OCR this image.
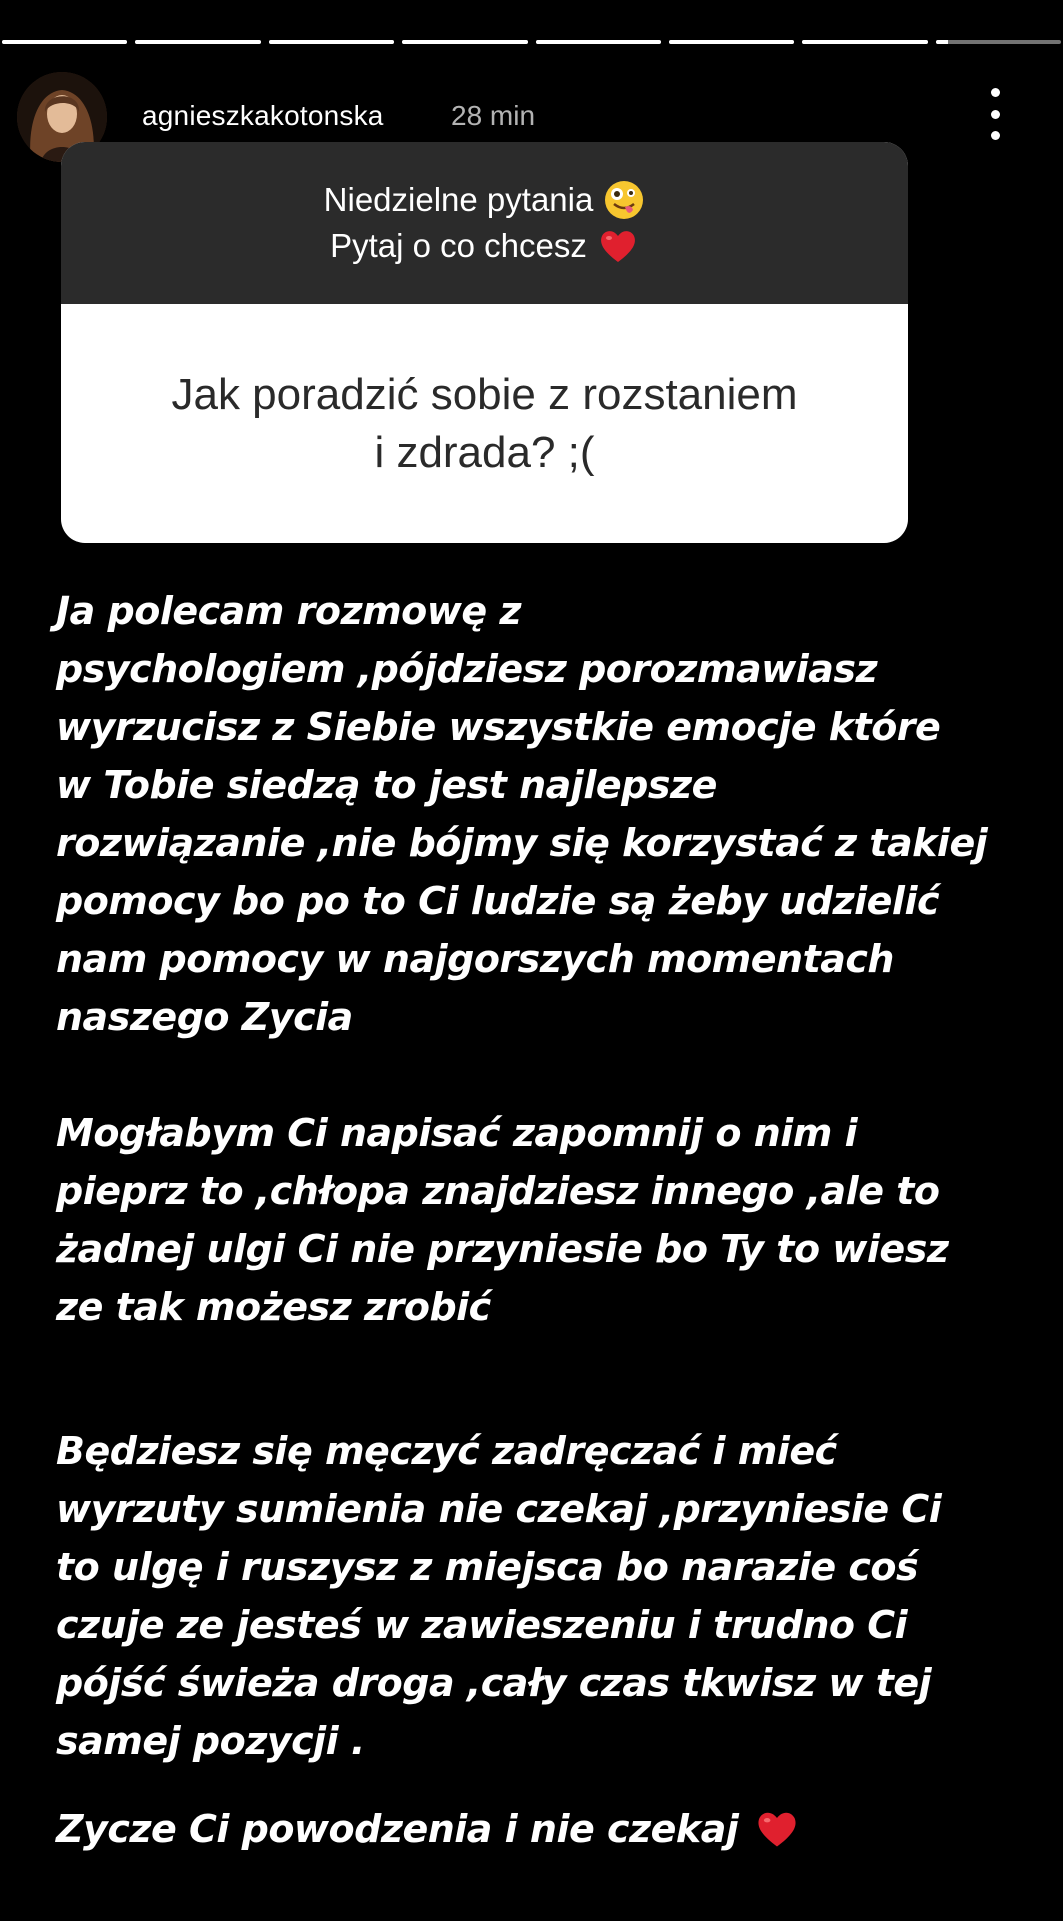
agnieszkakotonska 28 min
Niedzielne pytania
Pytaj o co chcesz
Jak poradzić sobie z rozstaniem
i zdrada? ;(
Ja polecam rozmowę z
psychologiem ,pójdziesz porozmawiasz
wyrzucisz z Siebie wszystkie emocje które
w Tobie siedzą to jest najlepsze
rozwiązanie ,nie bójmy się korzystać z takiej
pomocy bo po to Ci ludzie są żeby udzielić
nam pomocy w najgorszych momentach
naszego Zycia
Mogłabym Ci napisać zapomnij o nim i
pieprz to ,chłopa znajdziesz innego ,ale to
żadnej ulgi Ci nie przyniesie bo Ty to wiesz
ze tak możesz zrobić
Będziesz się męczyć zadręczać i mieć
wyrzuty sumienia nie czekaj ,przyniesie Ci
to ulgę i ruszysz z miejsca bo narazie coś
czuje ze jesteś w zawieszeniu i trudno Ci
pójść świeża droga ,cały czas tkwisz w tej
samej pozycji .
Zycze Ci powodzenia i nie czekaj
